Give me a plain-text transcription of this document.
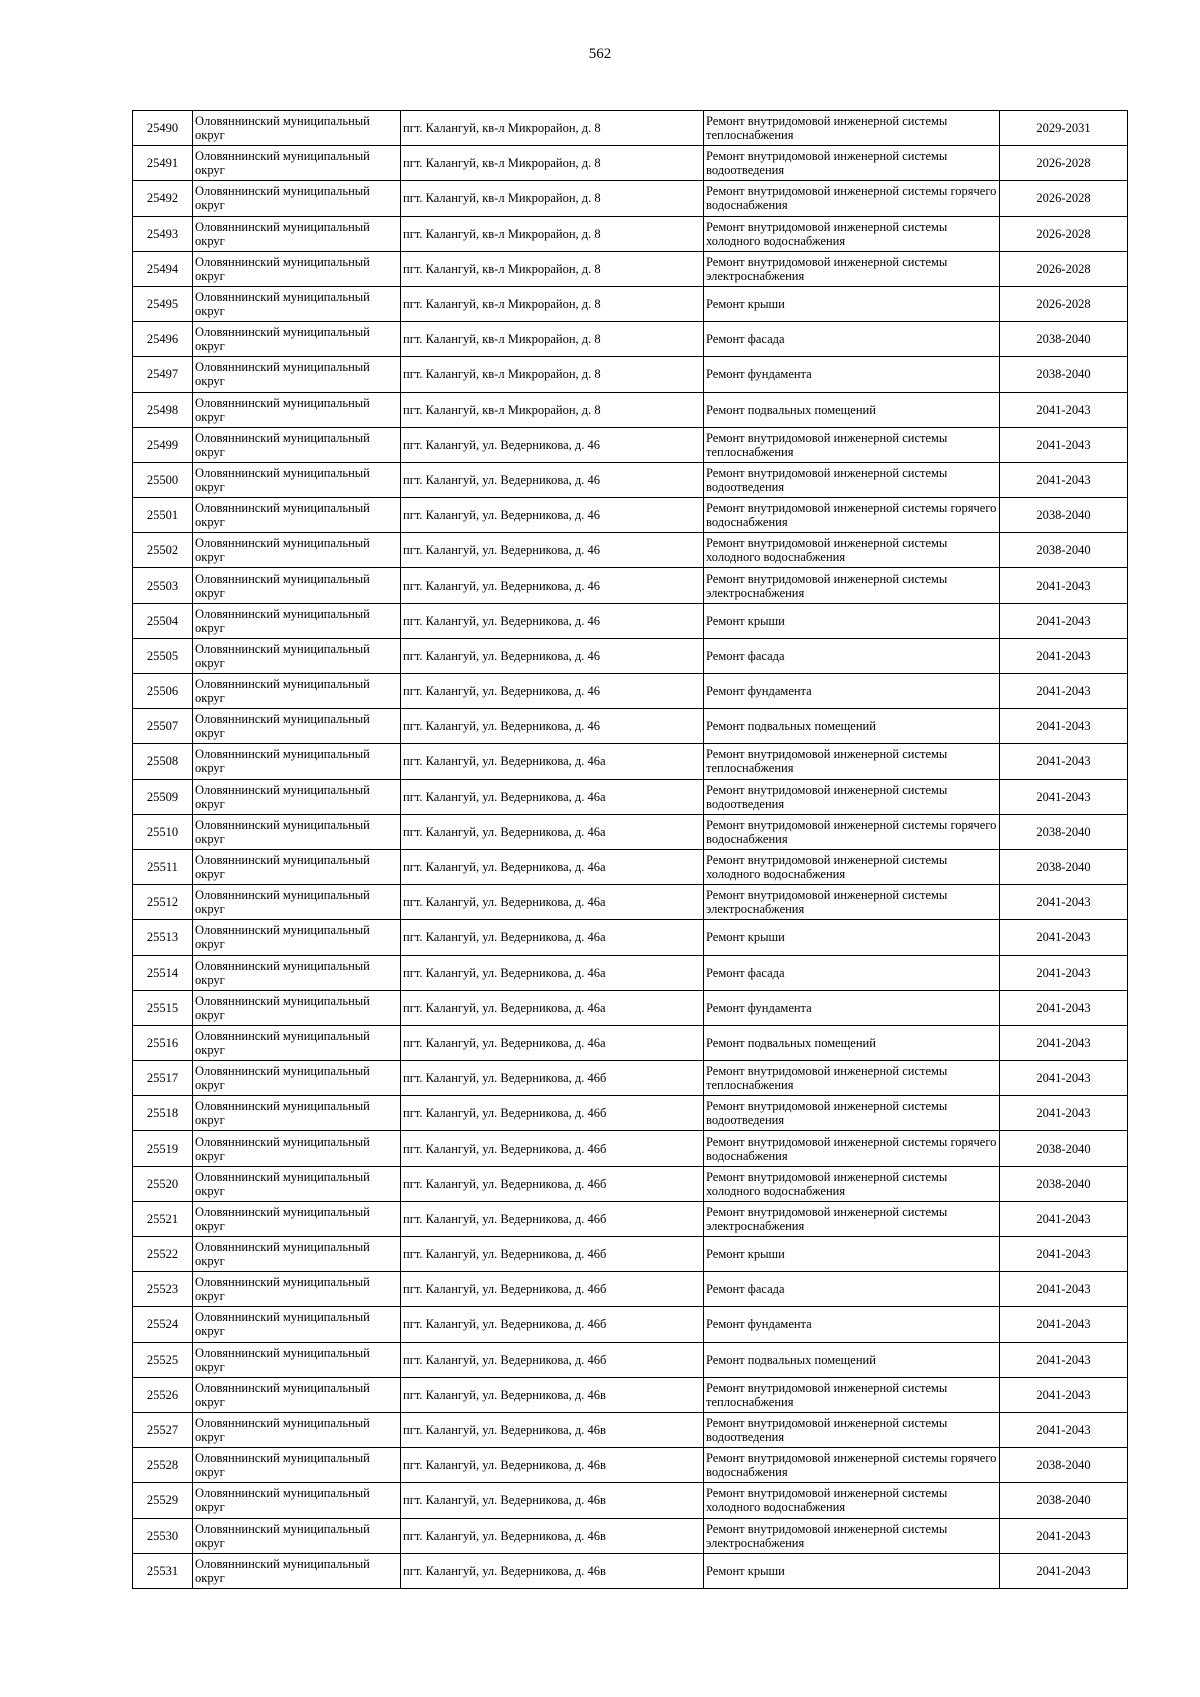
562
25490	Оловяннинский муниципальный округ	пгт. Калангуй, кв-л Микрорайон, д. 8	Ремонт внутридомовой инженерной системы теплоснабжения	2029-2031
25491	Оловяннинский муниципальный округ	пгт. Калангуй, кв-л Микрорайон, д. 8	Ремонт внутридомовой инженерной системы водоотведения	2026-2028
25492	Оловяннинский муниципальный округ	пгт. Калангуй, кв-л Микрорайон, д. 8	Ремонт внутридомовой инженерной системы горячего водоснабжения	2026-2028
25493	Оловяннинский муниципальный округ	пгт. Калангуй, кв-л Микрорайон, д. 8	Ремонт внутридомовой инженерной системы холодного водоснабжения	2026-2028
25494	Оловяннинский муниципальный округ	пгт. Калангуй, кв-л Микрорайон, д. 8	Ремонт внутридомовой инженерной системы электроснабжения	2026-2028
25495	Оловяннинский муниципальный округ	пгт. Калангуй, кв-л Микрорайон, д. 8	Ремонт крыши	2026-2028
25496	Оловяннинский муниципальный округ	пгт. Калангуй, кв-л Микрорайон, д. 8	Ремонт фасада	2038-2040
25497	Оловяннинский муниципальный округ	пгт. Калангуй, кв-л Микрорайон, д. 8	Ремонт фундамента	2038-2040
25498	Оловяннинский муниципальный округ	пгт. Калангуй, кв-л Микрорайон, д. 8	Ремонт подвальных помещений	2041-2043
25499	Оловяннинский муниципальный округ	пгт. Калангуй, ул. Ведерникова, д. 46	Ремонт внутридомовой инженерной системы теплоснабжения	2041-2043
25500	Оловяннинский муниципальный округ	пгт. Калангуй, ул. Ведерникова, д. 46	Ремонт внутридомовой инженерной системы водоотведения	2041-2043
25501	Оловяннинский муниципальный округ	пгт. Калангуй, ул. Ведерникова, д. 46	Ремонт внутридомовой инженерной системы горячего водоснабжения	2038-2040
25502	Оловяннинский муниципальный округ	пгт. Калангуй, ул. Ведерникова, д. 46	Ремонт внутридомовой инженерной системы холодного водоснабжения	2038-2040
25503	Оловяннинский муниципальный округ	пгт. Калангуй, ул. Ведерникова, д. 46	Ремонт внутридомовой инженерной системы электроснабжения	2041-2043
25504	Оловяннинский муниципальный округ	пгт. Калангуй, ул. Ведерникова, д. 46	Ремонт крыши	2041-2043
25505	Оловяннинский муниципальный округ	пгт. Калангуй, ул. Ведерникова, д. 46	Ремонт фасада	2041-2043
25506	Оловяннинский муниципальный округ	пгт. Калангуй, ул. Ведерникова, д. 46	Ремонт фундамента	2041-2043
25507	Оловяннинский муниципальный округ	пгт. Калангуй, ул. Ведерникова, д. 46	Ремонт подвальных помещений	2041-2043
25508	Оловяннинский муниципальный округ	пгт. Калангуй, ул. Ведерникова, д. 46а	Ремонт внутридомовой инженерной системы теплоснабжения	2041-2043
25509	Оловяннинский муниципальный округ	пгт. Калангуй, ул. Ведерникова, д. 46а	Ремонт внутридомовой инженерной системы водоотведения	2041-2043
25510	Оловяннинский муниципальный округ	пгт. Калангуй, ул. Ведерникова, д. 46а	Ремонт внутридомовой инженерной системы горячего водоснабжения	2038-2040
25511	Оловяннинский муниципальный округ	пгт. Калангуй, ул. Ведерникова, д. 46а	Ремонт внутридомовой инженерной системы холодного водоснабжения	2038-2040
25512	Оловяннинский муниципальный округ	пгт. Калангуй, ул. Ведерникова, д. 46а	Ремонт внутридомовой инженерной системы электроснабжения	2041-2043
25513	Оловяннинский муниципальный округ	пгт. Калангуй, ул. Ведерникова, д. 46а	Ремонт крыши	2041-2043
25514	Оловяннинский муниципальный округ	пгт. Калангуй, ул. Ведерникова, д. 46а	Ремонт фасада	2041-2043
25515	Оловяннинский муниципальный округ	пгт. Калангуй, ул. Ведерникова, д. 46а	Ремонт фундамента	2041-2043
25516	Оловяннинский муниципальный округ	пгт. Калангуй, ул. Ведерникова, д. 46а	Ремонт подвальных помещений	2041-2043
25517	Оловяннинский муниципальный округ	пгт. Калангуй, ул. Ведерникова, д. 46б	Ремонт внутридомовой инженерной системы теплоснабжения	2041-2043
25518	Оловяннинский муниципальный округ	пгт. Калангуй, ул. Ведерникова, д. 46б	Ремонт внутридомовой инженерной системы водоотведения	2041-2043
25519	Оловяннинский муниципальный округ	пгт. Калангуй, ул. Ведерникова, д. 46б	Ремонт внутридомовой инженерной системы горячего водоснабжения	2038-2040
25520	Оловяннинский муниципальный округ	пгт. Калангуй, ул. Ведерникова, д. 46б	Ремонт внутридомовой инженерной системы холодного водоснабжения	2038-2040
25521	Оловяннинский муниципальный округ	пгт. Калангуй, ул. Ведерникова, д. 46б	Ремонт внутридомовой инженерной системы электроснабжения	2041-2043
25522	Оловяннинский муниципальный округ	пгт. Калангуй, ул. Ведерникова, д. 46б	Ремонт крыши	2041-2043
25523	Оловяннинский муниципальный округ	пгт. Калангуй, ул. Ведерникова, д. 46б	Ремонт фасада	2041-2043
25524	Оловяннинский муниципальный округ	пгт. Калангуй, ул. Ведерникова, д. 46б	Ремонт фундамента	2041-2043
25525	Оловяннинский муниципальный округ	пгт. Калангуй, ул. Ведерникова, д. 46б	Ремонт подвальных помещений	2041-2043
25526	Оловяннинский муниципальный округ	пгт. Калангуй, ул. Ведерникова, д. 46в	Ремонт внутридомовой инженерной системы теплоснабжения	2041-2043
25527	Оловяннинский муниципальный округ	пгт. Калангуй, ул. Ведерникова, д. 46в	Ремонт внутридомовой инженерной системы водоотведения	2041-2043
25528	Оловяннинский муниципальный округ	пгт. Калангуй, ул. Ведерникова, д. 46в	Ремонт внутридомовой инженерной системы горячего водоснабжения	2038-2040
25529	Оловяннинский муниципальный округ	пгт. Калангуй, ул. Ведерникова, д. 46в	Ремонт внутридомовой инженерной системы холодного водоснабжения	2038-2040
25530	Оловяннинский муниципальный округ	пгт. Калангуй, ул. Ведерникова, д. 46в	Ремонт внутридомовой инженерной системы электроснабжения	2041-2043
25531	Оловяннинский муниципальный округ	пгт. Калангуй, ул. Ведерникова, д. 46в	Ремонт крыши	2041-2043
